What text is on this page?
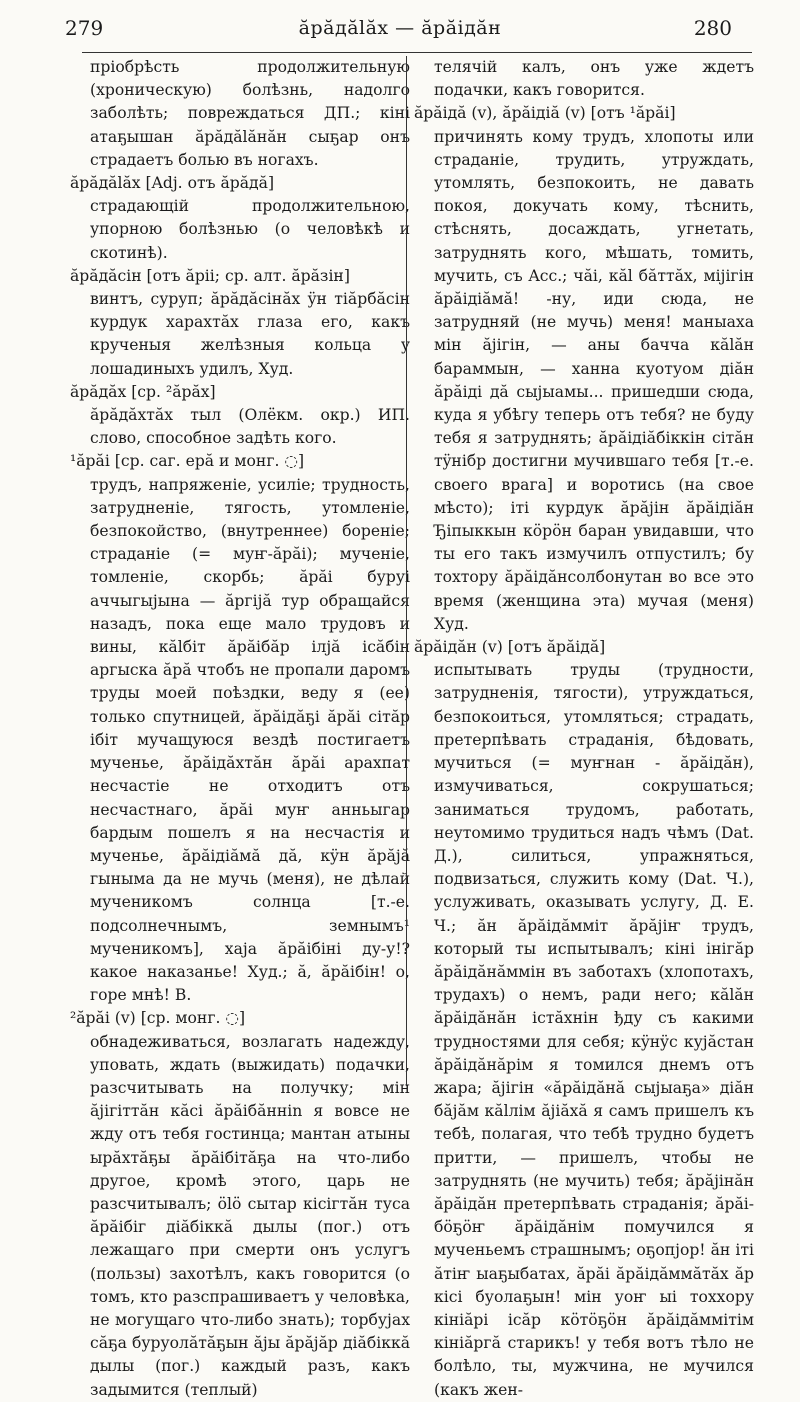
279	ăpăдălăx — ăpăiдăн	280

пріобрѣсть продолжительную (хроническую) болѣзнь, надолго заболѣть; повреждаться ДП.; кіні атаҕышан ăpăдălăнăн сыҕар онъ страдаетъ болью въ ногахъ.

ăpăдălăx [Adj. отъ ăpăдă]

страдающій продолжительною, упорною болѣзнью (о человѣкѣ и скотинѣ).

ăpăдăсiн [отъ ăpii; ср. алт. ăpăзiн]

винтъ, суруп; ăpăдăсiнăх ÿн тiăpбăсiн курдук харахтăх глаза его, какъ крученыя желѣзныя кольца у лошадиныхъ удилъ, Худ.

ăpăдăх [ср. ²ăpăх]

ăpăдăхтăх тыл (Олёкм. окр.) ИП. слово, способное задѣть кого.

¹ăpăi [ср. саг. ерă и монг. ◌]

трудъ, напряженіе, усиліе; трудность, затрудненіе, тягость, утомленіе, безпокойство, (внутреннее) бореніе; страданіе (= муҥ-ăpăi); мученіе, томленіе, скорбь; ăpăi буруi аччыгыјына — ăргiјă тур обращайся назадъ, пока еще мало трудовъ и вины, кălбiт ăpăiбăр ілјă ісăбiн аргыска ăpă чтобъ не пропали даромъ труды моей поѣздки, веду я (ее) только спутницей, ăpăiдăҕi ăpăi ciтăр iбiт мучащуюся вездѣ постигаетъ мученье, ăpăiдăхтăн ăpăi арахпат несчастіе не отходитъ отъ несчастнаго, ăpăi муҥ анньыгар бардым пошелъ я на несчастія и мученье, ăpăiдiăмă дă, кÿн ăpăјă гыныма да не мучь (меня), не дѣлай мученикомъ солнца [т.-е. подсолнечнымъ, земнымъ¹ мученикомъ], хаја ăpăiбiнi ду-у!? какое наказанье! Худ.; ă, ăpăiбiн! о, горе мнѣ! В.

²ăpăi (v) [ср. монг. ◌]

обнадеживаться, возлагать надежду, уповать, ждать (выжидать) подачки, разсчитывать на получку; мін ăjiгiттăн кăсi ăpăiбăнніn я вовсе не жду отъ тебя гостинца; мантан атыны ырăхтăҕы ăpăiбiтăҕа на что-либо другое, кромѣ этого, царь не разсчитывалъ; ölö сытар кісiгтăн туса ăpăiбiг дiăбiккă дылы (пог.) отъ лежащаго при смерти онъ услугъ (пользы) захотѣлъ, какъ говорится (о томъ, кто разспрашиваетъ у человѣка, не могущаго что-либо знать); торбујах сăҕа буруолăтăҕын ăjы ăpăјăр дiăбiккă дылы (пог.) каждый разъ, какъ задымится (теплый)

телячій калъ, онъ уже ждетъ подачки, какъ говорится.

ăpăiдă (v), ăpăiдiă (v) [отъ ¹ăpăi]

причинять кому трудъ, хлопоты или страданіе, трудить, утруждать, утомлять, безпокоить, не давать покоя, докучать кому, тѣснить, стѣснять, досаждать, угнетать, затруднять кого, мѣшать, томить, мучить, съ Acc.; чăi, кăl бăттăх, мiјiгiн ăpăiдiăмă! -ну, иди сюда, не затрудняй (не мучь) меня! маныаха мiн ăјiгiн, — аны бачча кălăн бараммын, — ханна куотуом дiăн ăpăiдi дă сыјыамы... пришедши сюда, куда я убѣгу теперь отъ тебя? не буду тебя я затруднять; ăpăiдiăбiккiн сiтăн тÿнiбр достигни мучившаго тебя [т.-е. своего врага] и воротись (на свое мѣсто); iтi курдук ăpăјiн ăpăiдiăн Ђiпыккын кöрöн баран увидавши, что ты его такъ измучилъ отпустилъ; бу тохтору ăpăiдăнсолбонутан во все это время (женщина эта) мучая (меня) Худ.

ăpăiдăн (v) [отъ ăpăiдă]

испытывать труды (трудности, затрудненія, тягости), утруждаться, безпокоиться, утомляться; страдать, претерпѣвать страданія, бѣдовать, мучиться (= муҥнан - ăpăiдăн), измучиваться, сокрушаться; заниматься трудомъ, работать, неутомимо трудиться надъ чѣмъ (Dat. Д.), силиться, упражняться, подвизаться, служить кому (Dat. Ч.), услуживать, оказывать услугу, Д. Е. Ч.; ăн ăpăiдăммiт ăpăјiҥ трудъ, который ты испытывалъ; кiнi iнiгăр ăpăiдăнăммiн въ заботахъ (хлопотахъ, трудахъ) о немъ, ради него; кălăн ăpăiдăнăн iстăхнiн ђду съ какими трудностями для себя; кÿнÿс кујăстан ăpăiдăнăрiм я томился днемъ отъ жара; ăјiгiн «ăpăiдăнă сыјыаҕа» дiăн бăјăм кălлiм ăјiăхă я самъ пришелъ къ тебѣ, полагая, что тебѣ трудно будетъ притти, — пришелъ, чтобы не затруднять (не мучить) тебя; ăpăјiнăн ăpăiдăн претерпѣвать страданія; ăpăi-бöҕöҥ ăpăiдăнiм помучился я мученьемъ страшнымъ; оҕопјор! ăн iтi ăтiҥ ыаҕыбатах, ăpăi ăpăiдăммăтăх ăр кiсi буолаҕын! мiн уоҥ ыi тоххору кiнiăрi iсăр кöтöҕöн ăpăiдăммiтiм кiнiăргă старикъ! у тебя вотъ тѣло не болѣло, ты, мужчина, не мучился (какъ жен-
